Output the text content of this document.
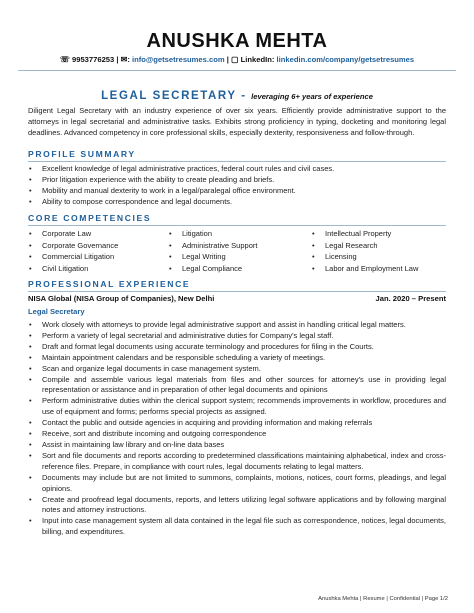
ANUSHKA MEHTA
☏ 9953776253 | ✉: info@getsetresumes.com | ▢ LinkedIn: linkedin.com/company/getsetresumes
LEGAL SECRETARY - leveraging 6+ years of experience
Diligent Legal Secretary with an industry experience of over six years. Efficiently provide administrative support to the attorneys in legal secretarial and administrative tasks. Exhibits strong proficiency in typing, docketing and monitoring legal deadlines. Advanced competency in core professional skills, especially dexterity, responsiveness and follow-through.
PROFILE SUMMARY
• Excellent knowledge of legal administrative practices, federal court rules and civil cases.
• Prior litigation experience with the ability to create pleading and briefs.
• Mobility and manual dexterity to work in a legal/paralegal office environment.
• Ability to compose correspondence and legal documents.
CORE COMPETENCIES
• Corporate Law
• Corporate Governance
• Commercial Litigation
• Civil Litigation
• Litigation
• Administrative Support
• Legal Writing
• Legal Compliance
• Intellectual Property
• Legal Research
• Licensing
• Labor and Employment Law
PROFESSIONAL EXPERIENCE
NISA Global (NISA Group of Companies), New Delhi	Jan. 2020 – Present
Legal Secretary
• Work closely with attorneys to provide legal administrative support and assist in handling critical legal matters.
• Perform a variety of legal secretarial and administrative duties for Company's legal staff.
• Draft and format legal documents using accurate terminology and procedures for filing in the Courts.
• Maintain appointment calendars and be responsible scheduling a variety of meetings.
• Scan and organize legal documents in case management system.
• Compile and assemble various legal materials from files and other sources for attorney's use in providing legal representation or assistance and in preparation of other legal documents and opinions
• Perform administrative duties within the clerical support system; recommends improvements in workflow, procedures and use of equipment and forms; performs special projects as assigned.
• Contact the public and outside agencies in acquiring and providing information and making referrals
• Receive, sort and distribute incoming and outgoing correspondence
• Assist in maintaining law library and on-line data bases
• Sort and file documents and reports according to predetermined classifications maintaining alphabetical, index and cross-reference files. Prepare, in compliance with court rules, legal documents relating to legal matters.
• Documents may include but are not limited to summons, complaints, motions, notices, court forms, pleadings, and legal opinions.
• Create and proofread legal documents, reports, and letters utilizing legal software applications and by following marginal notes and attorney instructions.
• Input into case management system all data contained in the legal file such as correspondence, notices, legal documents, billing, and expenditures.
Anushka Mehta | Resume | Confidential | Page 1/2
